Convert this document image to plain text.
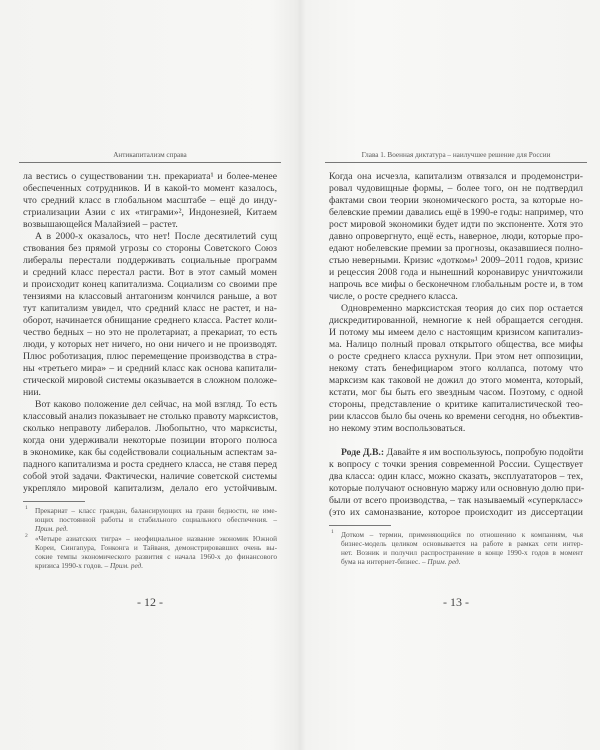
Антикапитализм справа
ла вестись о существовании т.н. прекариата¹ и более-менее
обеспеченных сотрудников. И в какой-то момент казалось,
что средний класс в глобальном масштабе – ещё до инду-
стриализации Азии с их «тиграми»², Индонезией, Китаем
возвышающейся Малайзией – растет.
А в 2000-х оказалось, что нет! После десятилетий сущ
ствования без прямой угрозы со стороны Советского Союз
либералы перестали поддерживать социальные программ
и средний класс перестал расти. Вот в этот самый момен
и происходит конец капитализма. Социализм со своими пре
тензиями на классовый антагонизм кончился раньше, а вот
тут капитализм увидел, что средний класс не растет, и на-
оборот, начинается обнищание среднего класса. Растет коли-
чество бедных – но это не пролетариат, а прекариат, то есть
люди, у которых нет ничего, но они ничего и не производят.
Плюс роботизация, плюс перемещение производства в стра-
ны «третьего мира» – и средний класс как основа капитали-
стической мировой системы оказывается в сложном положе-
нии.
Вот каково положение дел сейчас, на мой взгляд. То есть
классовый анализ показывает не столько правоту марксистов,
сколько неправоту либералов. Любопытно, что марксисты,
когда они удерживали некоторые позиции второго полюса
в экономике, как бы содействовали социальным аспектам за-
падного капитализма и роста среднего класса, не ставя перед
собой этой задачи. Фактически, наличие советской системы
укрепляло мировой капитализм, делало его устойчивым.
1 Прекариат – класс граждан, балансирующих на грани бедности, не име-
ющих постоянной работы и стабильного социального обеспечения. –
Прим. ред.
2 «Четыре азиатских тигра» – неофициальное название экономик Южной
Кореи, Сингапура, Гонконга и Тайваня, демонстрировавших очень вы-
сокие темпы экономического развития с начала 1960-х до финансового
кризиса 1990-х годов. – Прим. ред.
- 12 -
Глава 1. Военная диктатура – наилучшее решение для России
Когда она исчезла, капитализм отвязался и продемонстри-
ровал чудовищные формы, – более того, он не подтвердил
фактами свои теории экономического роста, за которые но-
белевские премии давались ещё в 1990-е годы: например, что
рост мировой экономики будет идти по экспоненте. Хотя это
давно опровергнуто, ещё есть, наверное, люди, которые про-
едают нобелевские премии за прогнозы, оказавшиеся полно-
стью неверными. Кризис «дотком»¹ 2009–2011 годов, кризис
и рецессия 2008 года и нынешний коронавирус уничтожили
напрочь все мифы о бесконечном глобальным росте и, в том
числе, о росте среднего класса.
Одновременно марксистская теория до сих пор остается
дискредитированной, немногие к ней обращается сегодня.
И потому мы имеем дело с настоящим кризисом капитализ-
ма. Налицо полный провал открытого общества, все мифы
о росте среднего класса рухнули. При этом нет оппозиции,
некому стать бенефициаром этого коллапса, потому что
марксизм как таковой не дожил до этого момента, который,
кстати, мог бы быть его звездным часом. Поэтому, с одной
стороны, представление о критике капиталистической тео-
рии классов было бы очень ко времени сегодня, но объектив-
но некому этим воспользоваться.
Роде Д.В.: Давайте я им воспользуюсь, попробую подойти
к вопросу с точки зрения современной России. Существует
два класса: один класс, можно сказать, эксплуататоров – тех,
которые получают основную маржу или основную долю при-
были от всего производства, – так называемый «суперкласс»
(это их самоназвание, которое происходит из диссертации
1 Дотком – термин, применяющийся по отношению к компаниям, чья
бизнес-модель целиком основывается на работе в рамках сети интер-
нет. Возник и получил распространение в конце 1990-х годов в момент
бума на интернет-бизнес. – Прим. ред.
- 13 -
